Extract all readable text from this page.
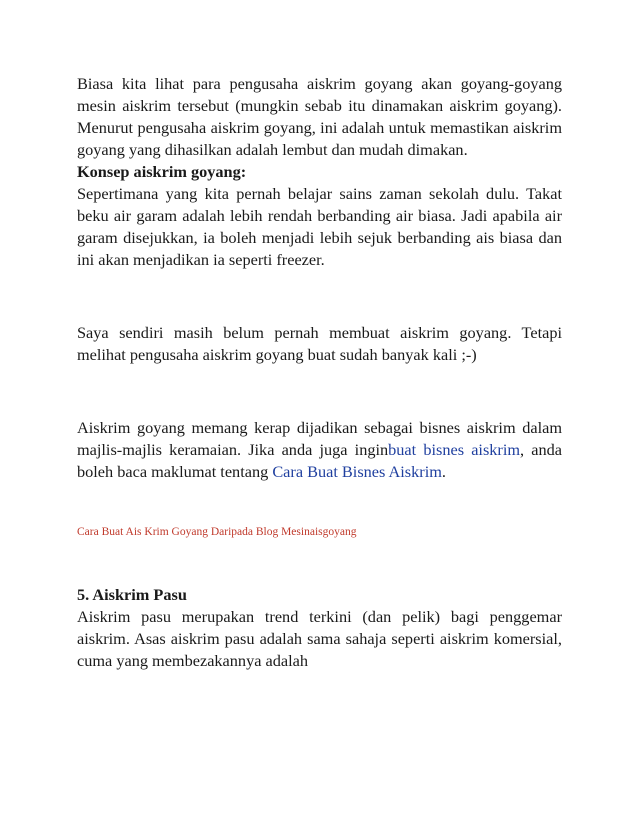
Biasa kita lihat para pengusaha aiskrim goyang akan goyang-goyang mesin aiskrim tersebut (mungkin sebab itu dinamakan aiskrim goyang). Menurut pengusaha aiskrim goyang, ini adalah untuk memastikan aiskrim goyang yang dihasilkan adalah lembut dan mudah dimakan.

Konsep aiskrim goyang:

Sepertimana yang kita pernah belajar sains zaman sekolah dulu. Takat beku air garam adalah lebih rendah berbanding air biasa. Jadi apabila air garam disejukkan, ia boleh menjadi lebih sejuk berbanding ais biasa dan ini akan menjadikan ia seperti freezer.

Saya sendiri masih belum pernah membuat aiskrim goyang. Tetapi melihat pengusaha aiskrim goyang buat sudah banyak kali ;-)

Aiskrim goyang memang kerap dijadikan sebagai bisnes aiskrim dalam majlis-majlis keramaian. Jika anda juga inginbuat bisnes aiskrim, anda boleh baca maklumat tentang Cara Buat Bisnes Aiskrim.

Cara Buat Ais Krim Goyang Daripada Blog Mesinaisgoyang

5. Aiskrim Pasu

Aiskrim pasu merupakan trend terkini (dan pelik) bagi penggemar aiskrim. Asas aiskrim pasu adalah sama sahaja seperti aiskrim komersial, cuma yang membezakannya adalah
